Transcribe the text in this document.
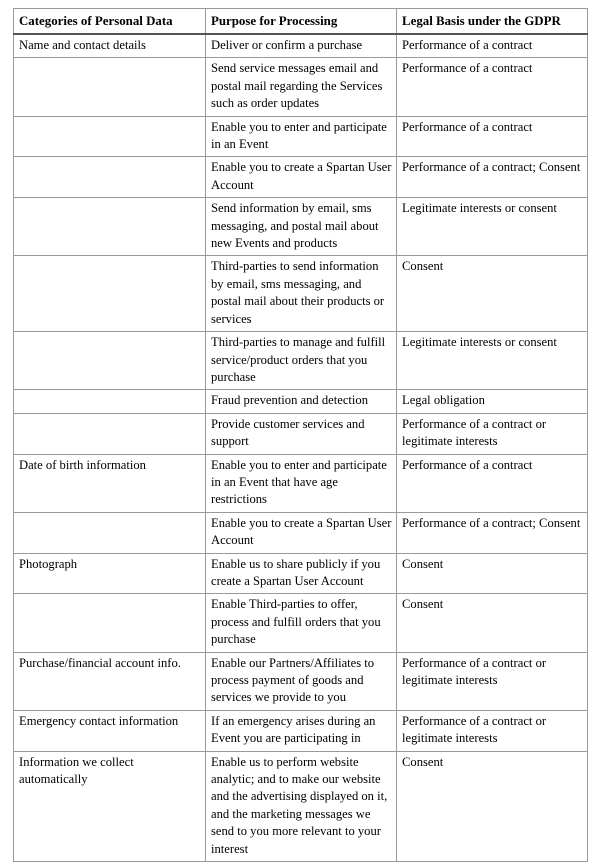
Categories of Personal Data	Purpose for Processing	Legal Basis under the GDPR
Name and contact details	Deliver or confirm a purchase	Performance of a contract
	Send service messages email and postal mail regarding the Services such as order updates	Performance of a contract
	Enable you to enter and participate in an Event	Performance of a contract
	Enable you to create a Spartan User Account	Performance of a contract; Consent
	Send information by email, sms messaging, and postal mail about new Events and products	Legitimate interests or consent
	Third-parties to send information by email, sms messaging, and postal mail about their products or services	Consent
	Third-parties to manage and fulfill service/product orders that you purchase	Legitimate interests or consent
	Fraud prevention and detection	Legal obligation
	Provide customer services and support	Performance of a contract or legitimate interests
Date of birth information	Enable you to enter and participate in an Event that have age restrictions	Performance of a contract
	Enable you to create a Spartan User Account	Performance of a contract; Consent
Photograph	Enable us to share publicly if you create a Spartan User Account	Consent
	Enable Third-parties to offer, process and fulfill orders that you purchase	Consent
Purchase/financial account info.	Enable our Partners/Affiliates to process payment of goods and services we provide to you	Performance of a contract or legitimate interests
Emergency contact information	If an emergency arises during an Event you are participating in	Performance of a contract or legitimate interests
Information we collect automatically	Enable us to perform website analytic; and to make our website and the advertising displayed on it, and the marketing messages we send to you more relevant to your interest	Consent
